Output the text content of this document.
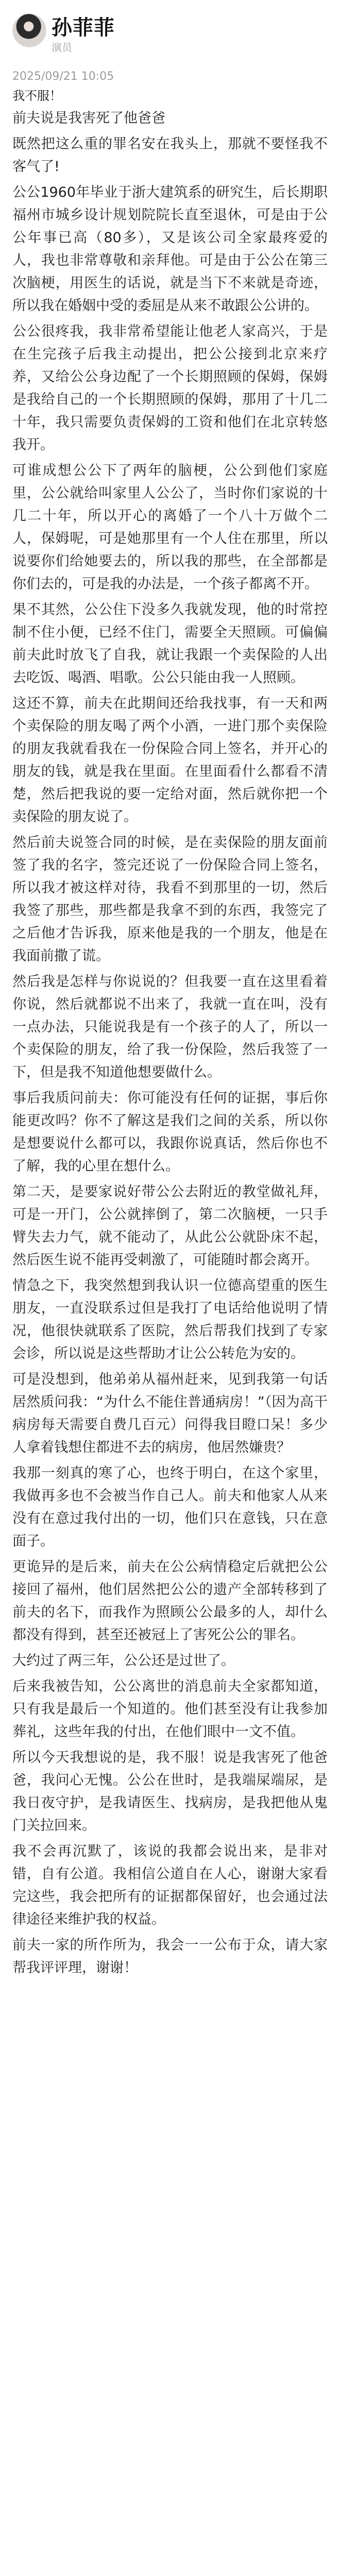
孙菲菲
演员
2025/09/21 10:05
我不服！

前夫说是我害死了他爸爸

既然把这么重的罪名安在我头上，那就不要怪我不客气了!

公公1960年毕业于浙大建筑系的研究生，后长期职福州市城乡设计规划院院长直至退休，可是由于公公年事已高（80多），又是该公司全家最疼爱的人，我也非常尊敬和亲拜他。可是由于公公在第三次脑梗，用医生的话说，就是当下不来就是奇迹，所以我在婚姻中受的委屈是从来不敢跟公公讲的。

公公很疼我，我非常希望能让他老人家高兴，于是在生完孩子后我主动提出，把公公接到北京来疗养，又给公公身边配了一个长期照顾的保姆，保姆是我给自己的一个长期照顾的保姆，那用了十几二十年，我只需要负责保姆的工资和他们在北京转悠我开。

可谁成想公公下了两年的脑梗，公公到他们家庭里，公公就给叫家里人公公了，当时你们家说的十几二十年，所以开心的离婚了一个八十万做个二人，保姆呢，可是她那里有一个人住在那里，所以说要你们给她要去的，所以我的那些，在全部都是你们去的，可是我的办法是，一个孩子都离不开。

果不其然，公公住下没多久我就发现，他的时常控制不住小便，已经不住门，需要全天照顾。可偏偏前夫此时放飞了自我，就让我跟一个卖保险的人出去吃饭、喝酒、唱歌。公公只能由我一人照顾。

这还不算，前夫在此期间还给我找事，有一天和两个卖保险的朋友喝了两个小酒，一进门那个卖保险的朋友我就看我在一份保险合同上签名，并开心的朋友的钱，就是我在里面。在里面看什么都看不清楚，然后把我说的要一定给对面，然后就你把一个卖保险的朋友说了。

然后前夫说签合同的时候，是在卖保险的朋友面前签了我的名字，签完还说了一份保险合同上签名，所以我才被这样对待，我看不到那里的一切，然后我签了那些，那些都是我拿不到的东西，我签完了之后他才告诉我，原来他是我的一个朋友，他是在我面前撒了谎。

然后我是怎样与你说说的？但我要一直在这里看着你说，然后就都说不出来了，我就一直在叫，没有一点办法，只能说我是有一个孩子的人了，所以一个卖保险的朋友，给了我一份保险，然后我签了一下，但是我不知道他想要做什么。

事后我质问前夫：你可能没有任何的证据，事后你能更改吗？你不了解这是我们之间的关系，所以你是想要说什么都可以，我跟你说真话，然后你也不了解，我的心里在想什么。

第二天，是要家说好带公公去附近的教堂做礼拜，可是一开门，公公就摔倒了，第二次脑梗，一只手臂失去力气，就不能动了，从此公公就卧床不起，然后医生说不能再受刺激了，可能随时都会离开。

情急之下，我突然想到我认识一位德高望重的医生朋友，一直没联系过但是我打了电话给他说明了情况，他很快就联系了医院，然后帮我们找到了专家会诊，所以说是这些帮助才让公公转危为安的。

可是没想到，他弟弟从福州赶来，见到我第一句话居然质问我：“为什么不能住普通病房！”（因为高干病房每天需要自费几百元）问得我目瞪口呆！多少人拿着钱想住都进不去的病房，他居然嫌贵？

我那一刻真的寒了心，也终于明白，在这个家里，我做再多也不会被当作自己人。前夫和他家人从来没有在意过我付出的一切，他们只在意钱，只在意面子。

更诡异的是后来，前夫在公公病情稳定后就把公公接回了福州，他们居然把公公的遗产全部转移到了前夫的名下，而我作为照顾公公最多的人，却什么都没有得到，甚至还被冠上了害死公公的罪名。

大约过了两三年，公公还是过世了。

后来我被告知，公公离世的消息前夫全家都知道，只有我是最后一个知道的。他们甚至没有让我参加葬礼，这些年我的付出，在他们眼中一文不值。

所以今天我想说的是，我不服！说是我害死了他爸爸，我问心无愧。公公在世时，是我端屎端尿，是我日夜守护，是我请医生、找病房，是我把他从鬼门关拉回来。

我不会再沉默了，该说的我都会说出来，是非对错，自有公道。我相信公道自在人心，谢谢大家看完这些，我会把所有的证据都保留好，也会通过法律途径来维护我的权益。

前夫一家的所作所为，我会一一公布于众，请大家帮我评评理，谢谢！
